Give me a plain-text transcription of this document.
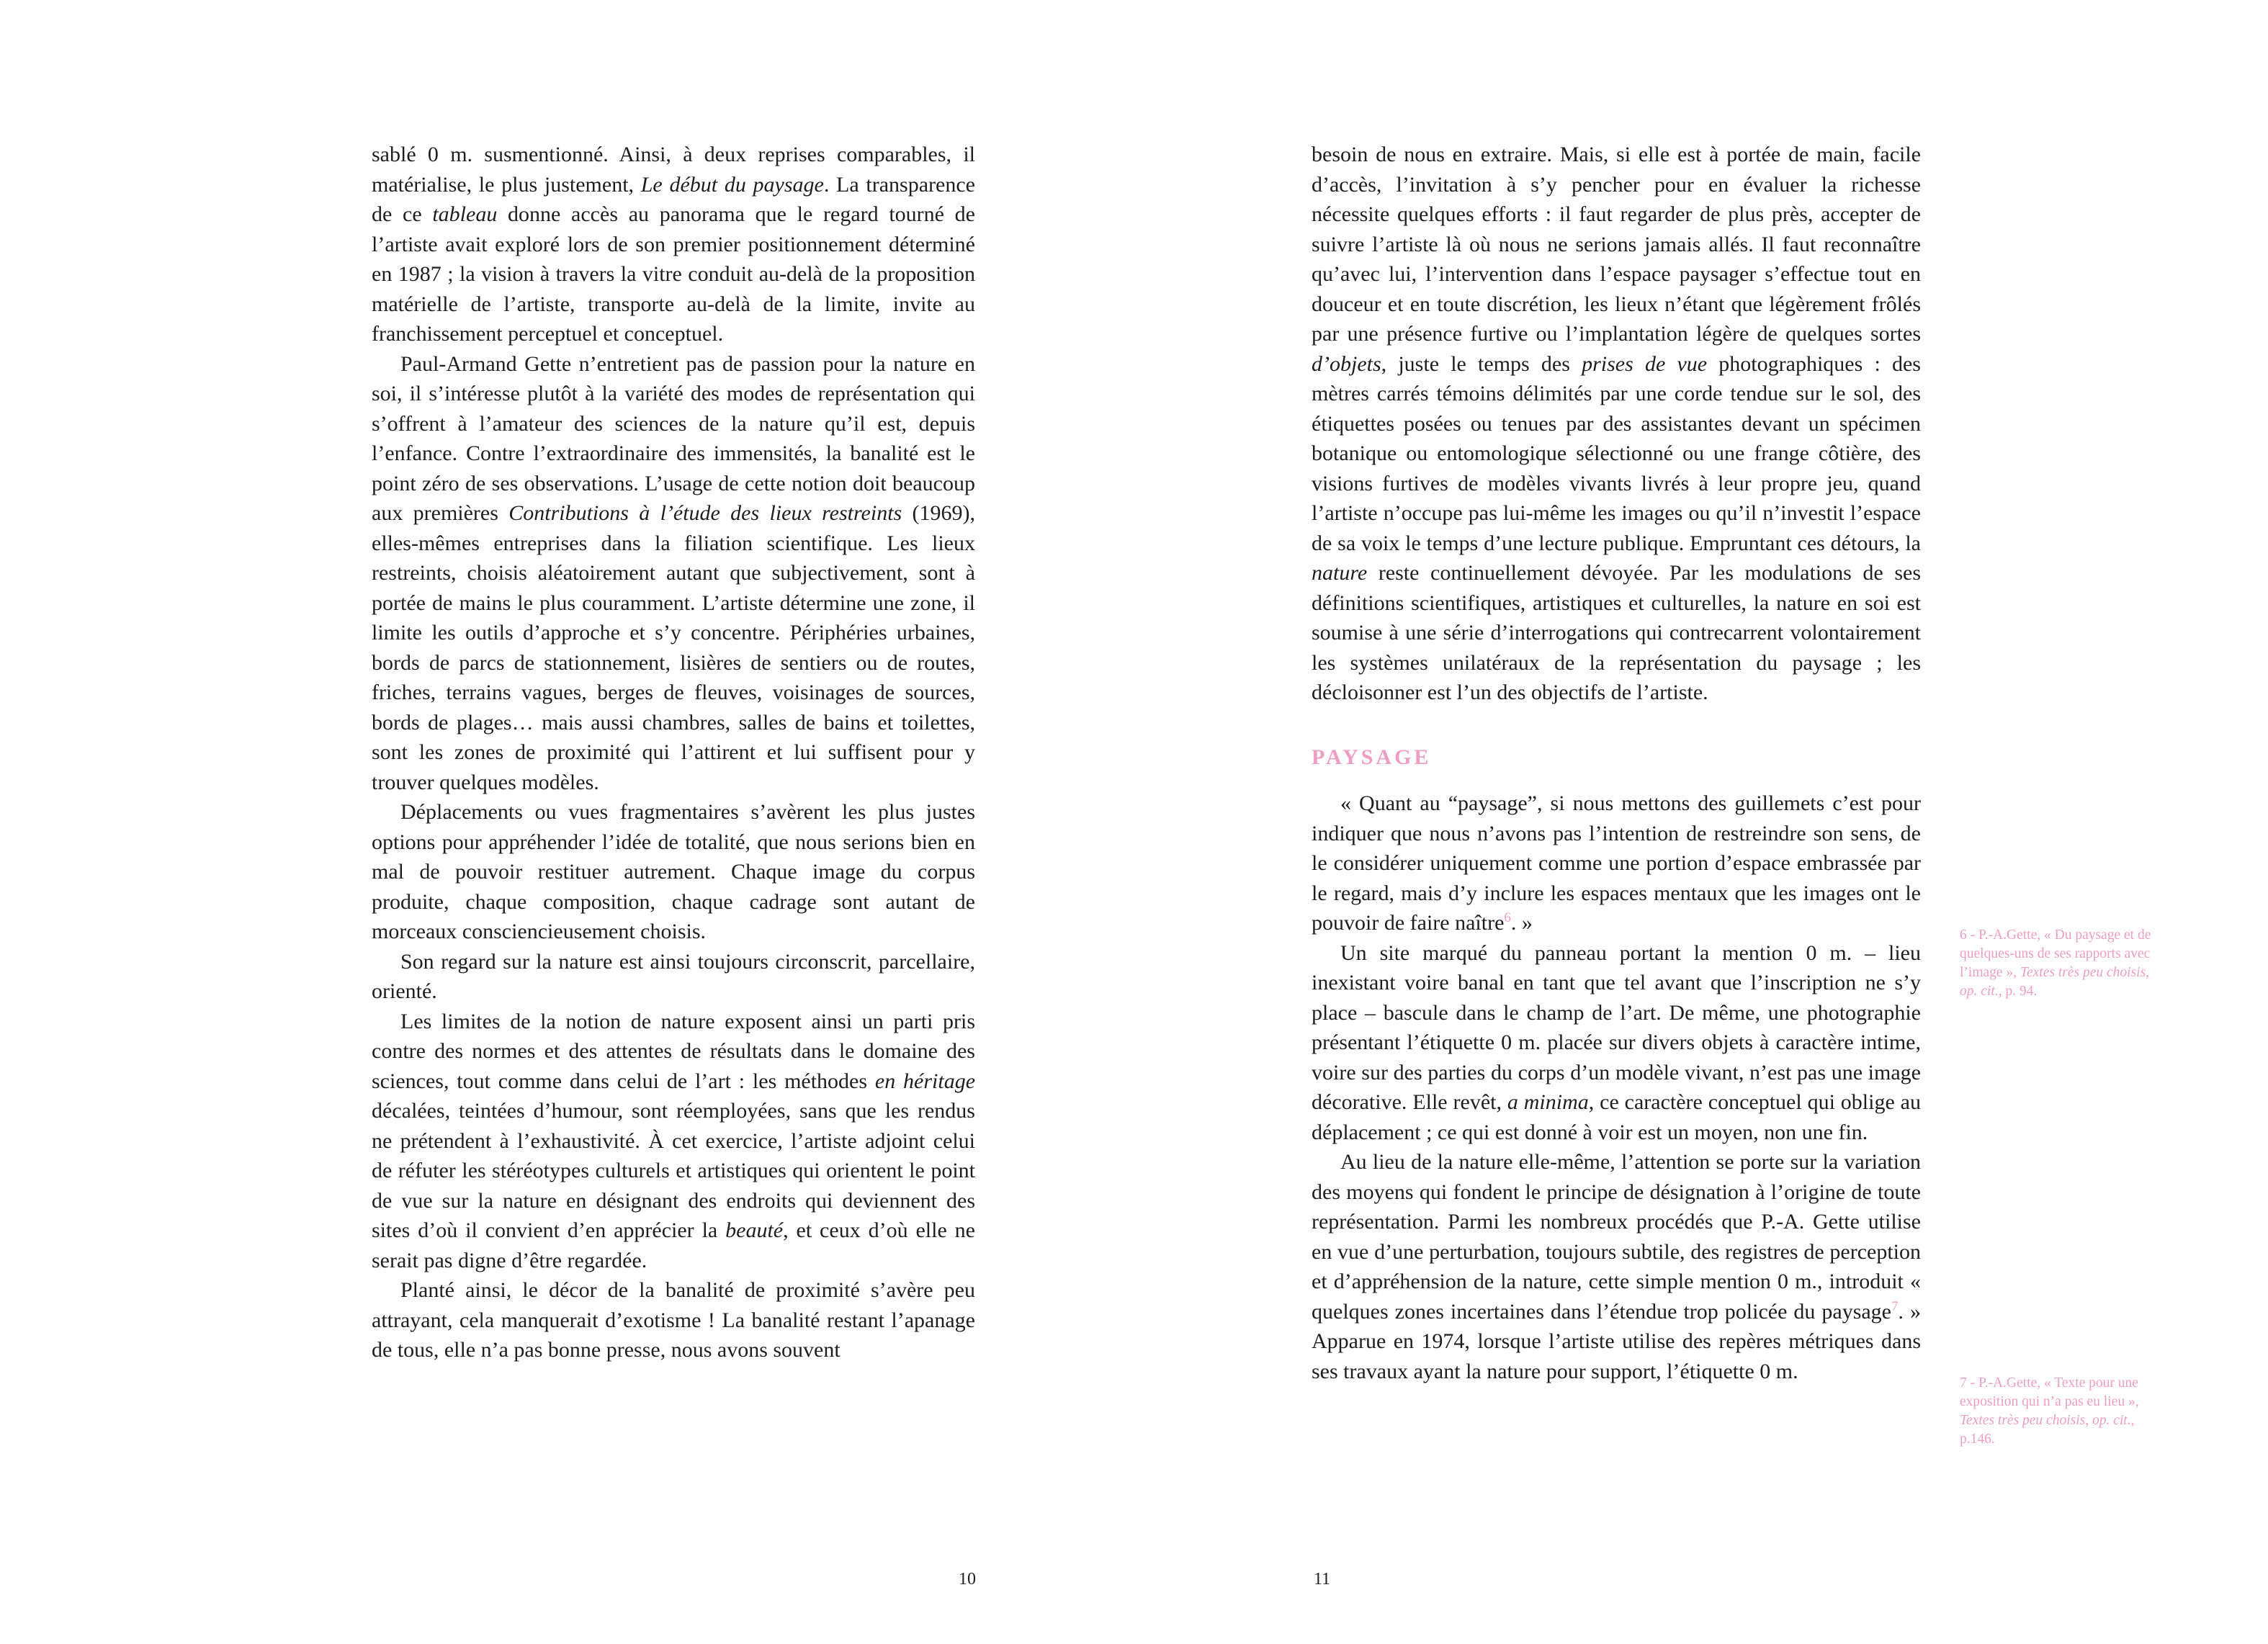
sablé 0 m. susmentionné. Ainsi, à deux reprises comparables, il matérialise, le plus justement, Le début du paysage. La transparence de ce tableau donne accès au panorama que le regard tourné de l’artiste avait exploré lors de son premier positionnement déterminé en 1987 ; la vision à travers la vitre conduit au-delà de la proposition matérielle de l’artiste, transporte au-delà de la limite, invite au franchissement perceptuel et conceptuel.

Paul-Armand Gette n’entretient pas de passion pour la nature en soi, il s’intéresse plutôt à la variété des modes de représentation qui s’offrent à l’amateur des sciences de la nature qu’il est, depuis l’enfance. Contre l’extraordinaire des immensités, la banalité est le point zéro de ses observations. L’usage de cette notion doit beaucoup aux premières Contributions à l’étude des lieux restreints (1969), elles-mêmes entreprises dans la filiation scientifique. Les lieux restreints, choisis aléatoirement autant que subjectivement, sont à portée de mains le plus couramment. L’artiste détermine une zone, il limite les outils d’approche et s’y concentre. Périphéries urbaines, bords de parcs de stationnement, lisières de sentiers ou de routes, friches, terrains vagues, berges de fleuves, voisinages de sources, bords de plages… mais aussi chambres, salles de bains et toilettes, sont les zones de proximité qui l’attirent et lui suffisent pour y trouver quelques modèles.

Déplacements ou vues fragmentaires s’avèrent les plus justes options pour appréhender l’idée de totalité, que nous serions bien en mal de pouvoir restituer autrement. Chaque image du corpus produite, chaque composition, chaque cadrage sont autant de morceaux consciencieusement choisis.

Son regard sur la nature est ainsi toujours circonscrit, parcellaire, orienté.

Les limites de la notion de nature exposent ainsi un parti pris contre des normes et des attentes de résultats dans le domaine des sciences, tout comme dans celui de l’art : les méthodes en héritage décalées, teintées d’humour, sont réemployées, sans que les rendus ne prétendent à l’exhaustivité. À cet exercice, l’artiste adjoint celui de réfuter les stéréotypes culturels et artistiques qui orientent le point de vue sur la nature en désignant des endroits qui deviennent des sites d’où il convient d’en apprécier la beauté, et ceux d’où elle ne serait pas digne d’être regardée.

Planté ainsi, le décor de la banalité de proximité s’avère peu attrayant, cela manquerait d’exotisme ! La banalité restant l’apanage de tous, elle n’a pas bonne presse, nous avons souvent

besoin de nous en extraire. Mais, si elle est à portée de main, facile d’accès, l’invitation à s’y pencher pour en évaluer la richesse nécessite quelques efforts : il faut regarder de plus près, accepter de suivre l’artiste là où nous ne serions jamais allés. Il faut reconnaître qu’avec lui, l’intervention dans l’espace paysager s’effectue tout en douceur et en toute discrétion, les lieux n’étant que légèrement frôlés par une présence furtive ou l’implantation légère de quelques sortes d’objets, juste le temps des prises de vue photographiques : des mètres carrés témoins délimités par une corde tendue sur le sol, des étiquettes posées ou tenues par des assistantes devant un spécimen botanique ou entomologique sélectionné ou une frange côtière, des visions furtives de modèles vivants livrés à leur propre jeu, quand l’artiste n’occupe pas lui-même les images ou qu’il n’investit l’espace de sa voix le temps d’une lecture publique. Empruntant ces détours, la nature reste continuellement dévoyée. Par les modulations de ses définitions scientifiques, artistiques et culturelles, la nature en soi est soumise à une série d’interrogations qui contrecarrent volontairement les systèmes unilatéraux de la représentation du paysage ; les décloisonner est l’un des objectifs de l’artiste.

PAYSAGE

« Quant au “paysage”, si nous mettons des guillemets c’est pour indiquer que nous n’avons pas l’intention de restreindre son sens, de le considérer uniquement comme une portion d’espace embrassée par le regard, mais d’y inclure les espaces mentaux que les images ont le pouvoir de faire naître$^6$. »

Un site marqué du panneau portant la mention 0 m. – lieu inexistant voire banal en tant que tel avant que l’inscription ne s’y place – bascule dans le champ de l’art. De même, une photographie présentant l’étiquette 0 m. placée sur divers objets à caractère intime, voire sur des parties du corps d’un modèle vivant, n’est pas une image décorative. Elle revêt, a minima, ce caractère conceptuel qui oblige au déplacement ; ce qui est donné à voir est un moyen, non une fin.

Au lieu de la nature elle-même, l’attention se porte sur la variation des moyens qui fondent le principe de désignation à l’origine de toute représentation. Parmi les nombreux procédés que P.-A. Gette utilise en vue d’une perturbation, toujours subtile, des registres de perception et d’appréhension de la nature, cette simple mention 0 m., introduit « quelques zones incertaines dans l’étendue trop policée du paysage$^7$. » Apparue en 1974, lorsque l’artiste utilise des repères métriques dans ses travaux ayant la nature pour support, l’étiquette 0 m.

6 - P.-A.Gette, « Du paysage et de quelques-uns de ses rapports avec l’image », Textes très peu choisis, op. cit., p. 94.
7 - P.-A.Gette, « Texte pour une exposition qui n’a pas eu lieu », Textes très peu choisis, op. cit., p.146.
10	11
